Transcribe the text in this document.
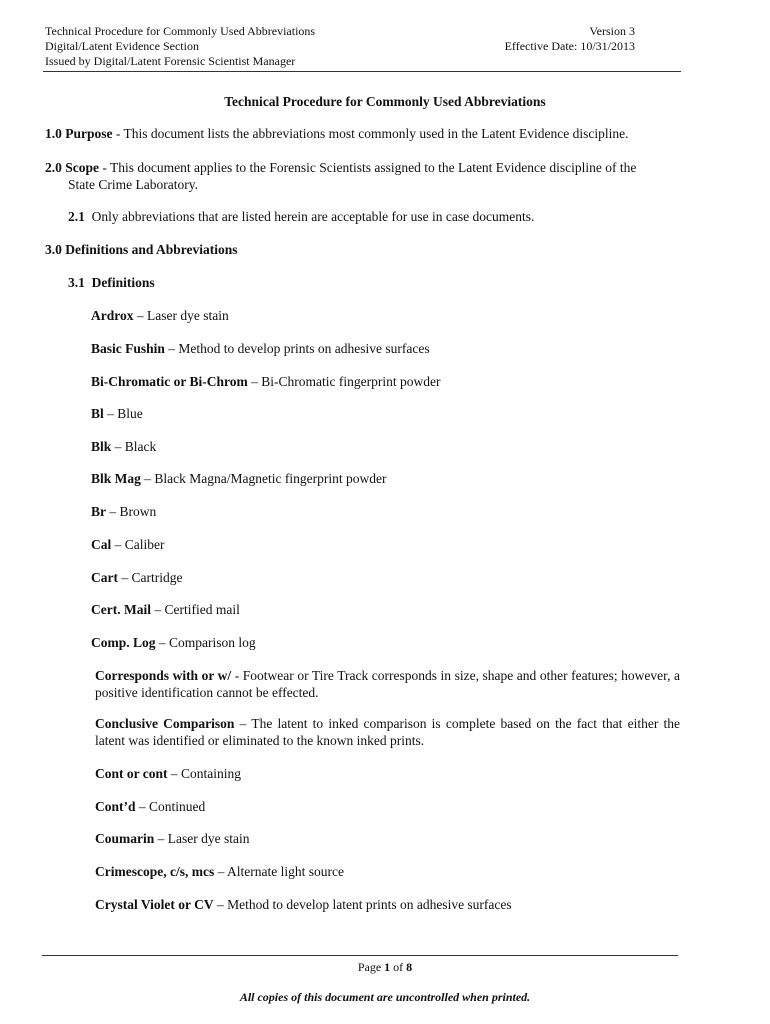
Technical Procedure for Commonly Used Abbreviations
Digital/Latent Evidence Section
Issued by Digital/Latent Forensic Scientist Manager
Version 3
Effective Date: 10/31/2013
Technical Procedure for Commonly Used Abbreviations
1.0 Purpose - This document lists the abbreviations most commonly used in the Latent Evidence discipline.
2.0 Scope - This document applies to the Forensic Scientists assigned to the Latent Evidence discipline of the
State Crime Laboratory.
2.1 Only abbreviations that are listed herein are acceptable for use in case documents.
3.0 Definitions and Abbreviations
3.1 Definitions
Ardrox – Laser dye stain
Basic Fushin – Method to develop prints on adhesive surfaces
Bi-Chromatic or Bi-Chrom – Bi-Chromatic fingerprint powder
Bl – Blue
Blk – Black
Blk Mag – Black Magna/Magnetic fingerprint powder
Br – Brown
Cal – Caliber
Cart – Cartridge
Cert. Mail – Certified mail
Comp. Log – Comparison log
Corresponds with or w/ - Footwear or Tire Track corresponds in size, shape and other features; however, a positive identification cannot be effected.
Conclusive Comparison – The latent to inked comparison is complete based on the fact that either the latent was identified or eliminated to the known inked prints.
Cont or cont – Containing
Cont’d – Continued
Coumarin – Laser dye stain
Crimescope, c/s, mcs – Alternate light source
Crystal Violet or CV – Method to develop latent prints on adhesive surfaces
Page 1 of 8
All copies of this document are uncontrolled when printed.
